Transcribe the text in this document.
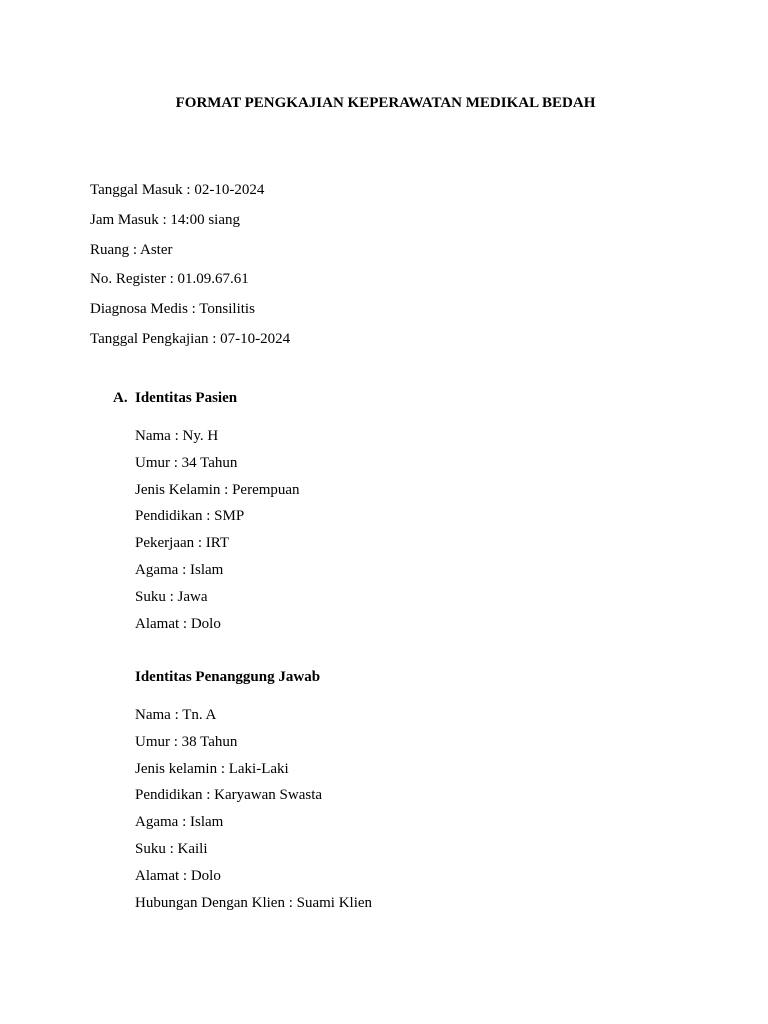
FORMAT PENGKAJIAN KEPERAWATAN MEDIKAL BEDAH
Tanggal Masuk : 02-10-2024
Jam Masuk : 14:00 siang
Ruang : Aster
No. Register : 01.09.67.61
Diagnosa Medis : Tonsilitis
Tanggal Pengkajian : 07-10-2024
A. Identitas Pasien
Nama : Ny. H
Umur : 34 Tahun
Jenis Kelamin : Perempuan
Pendidikan : SMP
Pekerjaan : IRT
Agama : Islam
Suku : Jawa
Alamat : Dolo
Identitas Penanggung Jawab
Nama : Tn. A
Umur : 38 Tahun
Jenis kelamin : Laki-Laki
Pendidikan : Karyawan Swasta
Agama : Islam
Suku : Kaili
Alamat : Dolo
Hubungan Dengan Klien : Suami Klien
